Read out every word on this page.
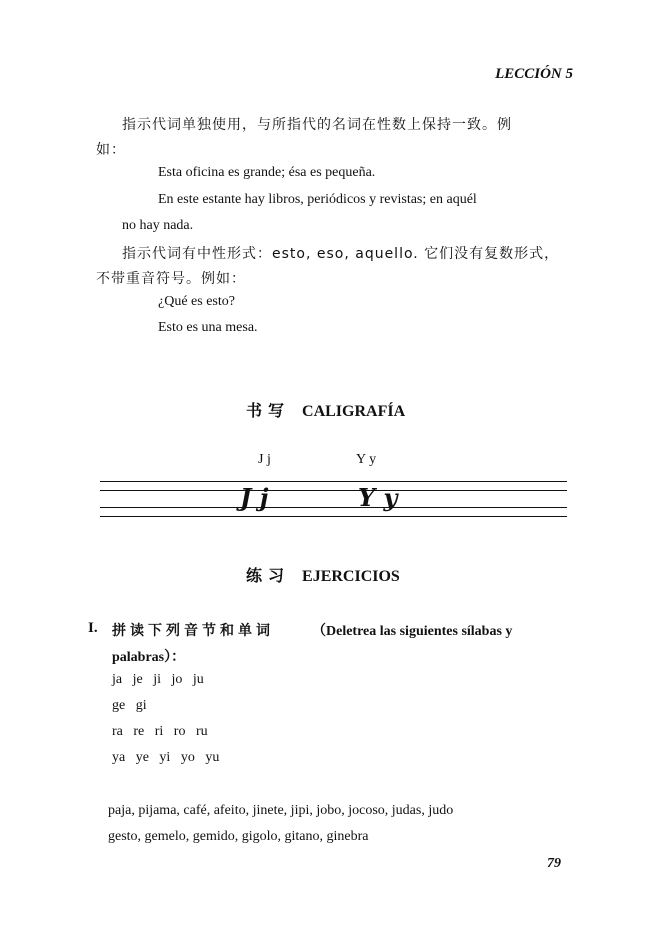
LECCIÓN 5
指示代词单独使用，与所指代的名词在性数上保持一致。例
如：
Esta oficina es grande; ésa es pequeña.
En este estante hay libros, periódicos y revistas; en aquél
no hay nada.
指示代词有中性形式：esto, eso, aquello. 它们没有复数形式，
不带重音符号。例如：
¿Qué es esto?
Esto es una mesa.
书写 CALIGRAFÍA
J j	Y y
J j	Y y
练习 EJERCICIOS
I. 拼读下列音节和单词	（Deletrea las siguientes sílabas y
palabras）：
ja   je   ji   jo   ju
ge   gi
ra   re   ri   ro   ru
ya   ye   yi   yo   yu
paja, pijama, café, afeito, jinete, jipi, jobo, jocoso, judas, judo
gesto, gemelo, gemido, gigolo, gitano, ginebra
79
